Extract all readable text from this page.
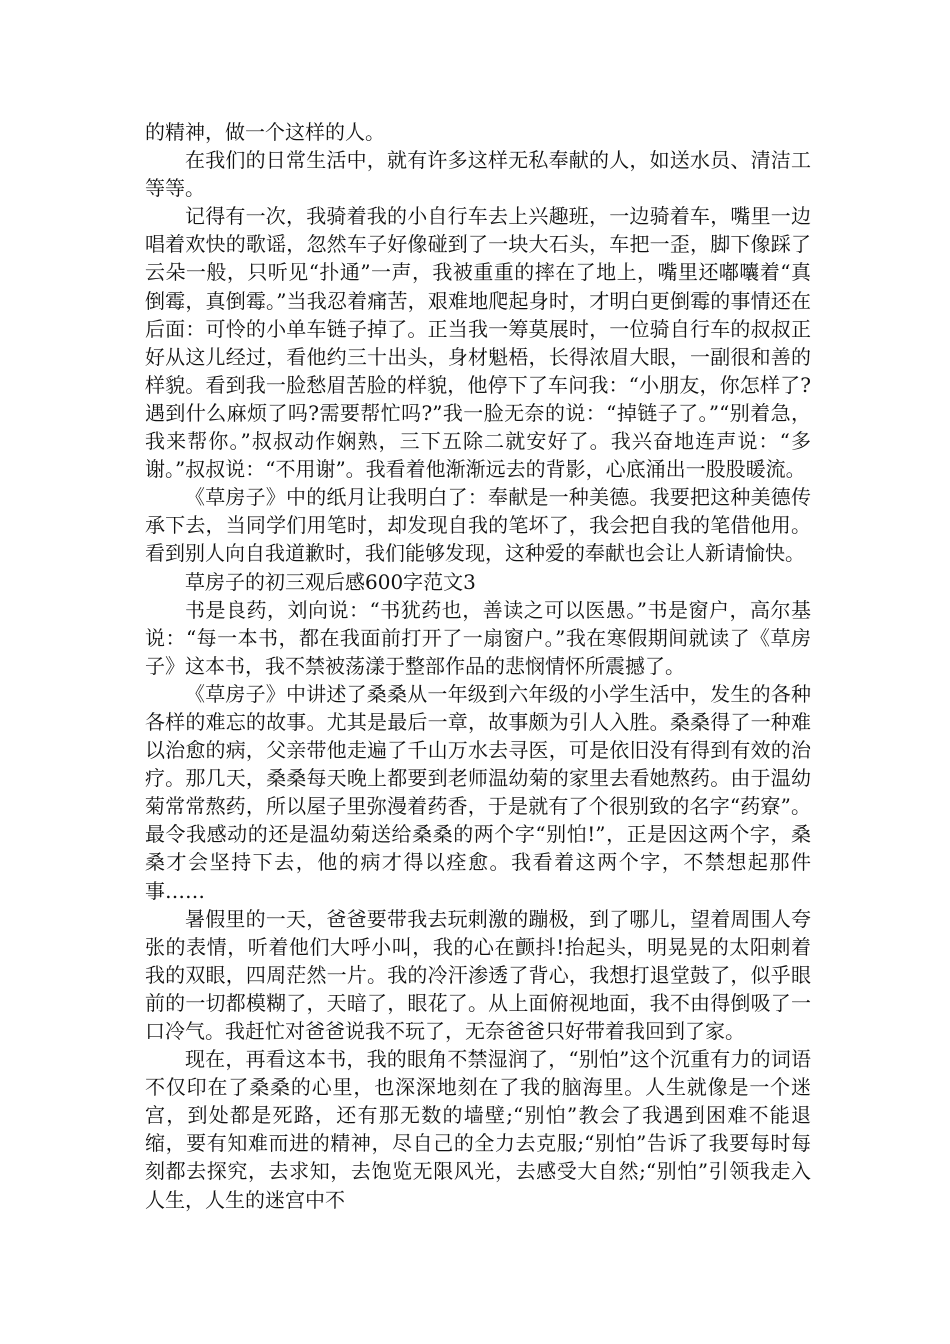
的精神，做一个这样的人。

在我们的日常生活中，就有许多这样无私奉献的人，如送水员、清洁工等等。

记得有一次，我骑着我的小自行车去上兴趣班，一边骑着车，嘴里一边唱着欢快的歌谣，忽然车子好像碰到了一块大石头，车把一歪，脚下像踩了云朵一般，只听见“扑通”一声，我被重重的摔在了地上，嘴里还嘟囔着“真倒霉，真倒霉。”当我忍着痛苦，艰难地爬起身时，才明白更倒霉的事情还在后面：可怜的小单车链子掉了。正当我一筹莫展时，一位骑自行车的叔叔正好从这儿经过，看他约三十出头，身材魁梧，长得浓眉大眼，一副很和善的样貌。看到我一脸愁眉苦脸的样貌，他停下了车问我：“小朋友，你怎样了?遇到什么麻烦了吗?需要帮忙吗?”我一脸无奈的说：“掉链子了。”“别着急，我来帮你。”叔叔动作娴熟，三下五除二就安好了。我兴奋地连声说：“多谢。”叔叔说：“不用谢”。我看着他渐渐远去的背影，心底涌出一股股暖流。

《草房子》中的纸月让我明白了：奉献是一种美德。我要把这种美德传承下去，当同学们用笔时，却发现自我的笔坏了，我会把自我的笔借他用。看到别人向自我道歉时，我们能够发现，这种爱的奉献也会让人新请愉快。

草房子的初三观后感600字范文3

书是良药，刘向说：“书犹药也，善读之可以医愚。”书是窗户，高尔基说：“每一本书，都在我面前打开了一扇窗户。”我在寒假期间就读了《草房子》这本书，我不禁被荡漾于整部作品的悲悯情怀所震撼了。

《草房子》中讲述了桑桑从一年级到六年级的小学生活中，发生的各种各样的难忘的故事。尤其是最后一章，故事颇为引人入胜。桑桑得了一种难以治愈的病，父亲带他走遍了千山万水去寻医，可是依旧没有得到有效的治疗。那几天，桑桑每天晚上都要到老师温幼菊的家里去看她熬药。由于温幼菊常常熬药，所以屋子里弥漫着药香，于是就有了个很别致的名字“药寮”。最令我感动的还是温幼菊送给桑桑的两个字“别怕!”，正是因这两个字，桑桑才会坚持下去，他的病才得以痊愈。我看着这两个字，不禁想起那件事……

暑假里的一天，爸爸要带我去玩刺激的蹦极，到了哪儿，望着周围人夸张的表情，听着他们大呼小叫，我的心在颤抖!抬起头，明晃晃的太阳刺着我的双眼，四周茫然一片。我的冷汗渗透了背心，我想打退堂鼓了，似乎眼前的一切都模糊了，天暗了，眼花了。从上面俯视地面，我不由得倒吸了一口冷气。我赶忙对爸爸说我不玩了，无奈爸爸只好带着我回到了家。

现在，再看这本书，我的眼角不禁湿润了，“别怕”这个沉重有力的词语不仅印在了桑桑的心里，也深深地刻在了我的脑海里。人生就像是一个迷宫，到处都是死路，还有那无数的墙壁;“别怕”教会了我遇到困难不能退缩，要有知难而进的精神，尽自己的全力去克服;“别怕”告诉了我要每时每刻都去探究，去求知，去饱览无限风光，去感受大自然;“别怕”引领我走入人生，人生的迷宫中不
